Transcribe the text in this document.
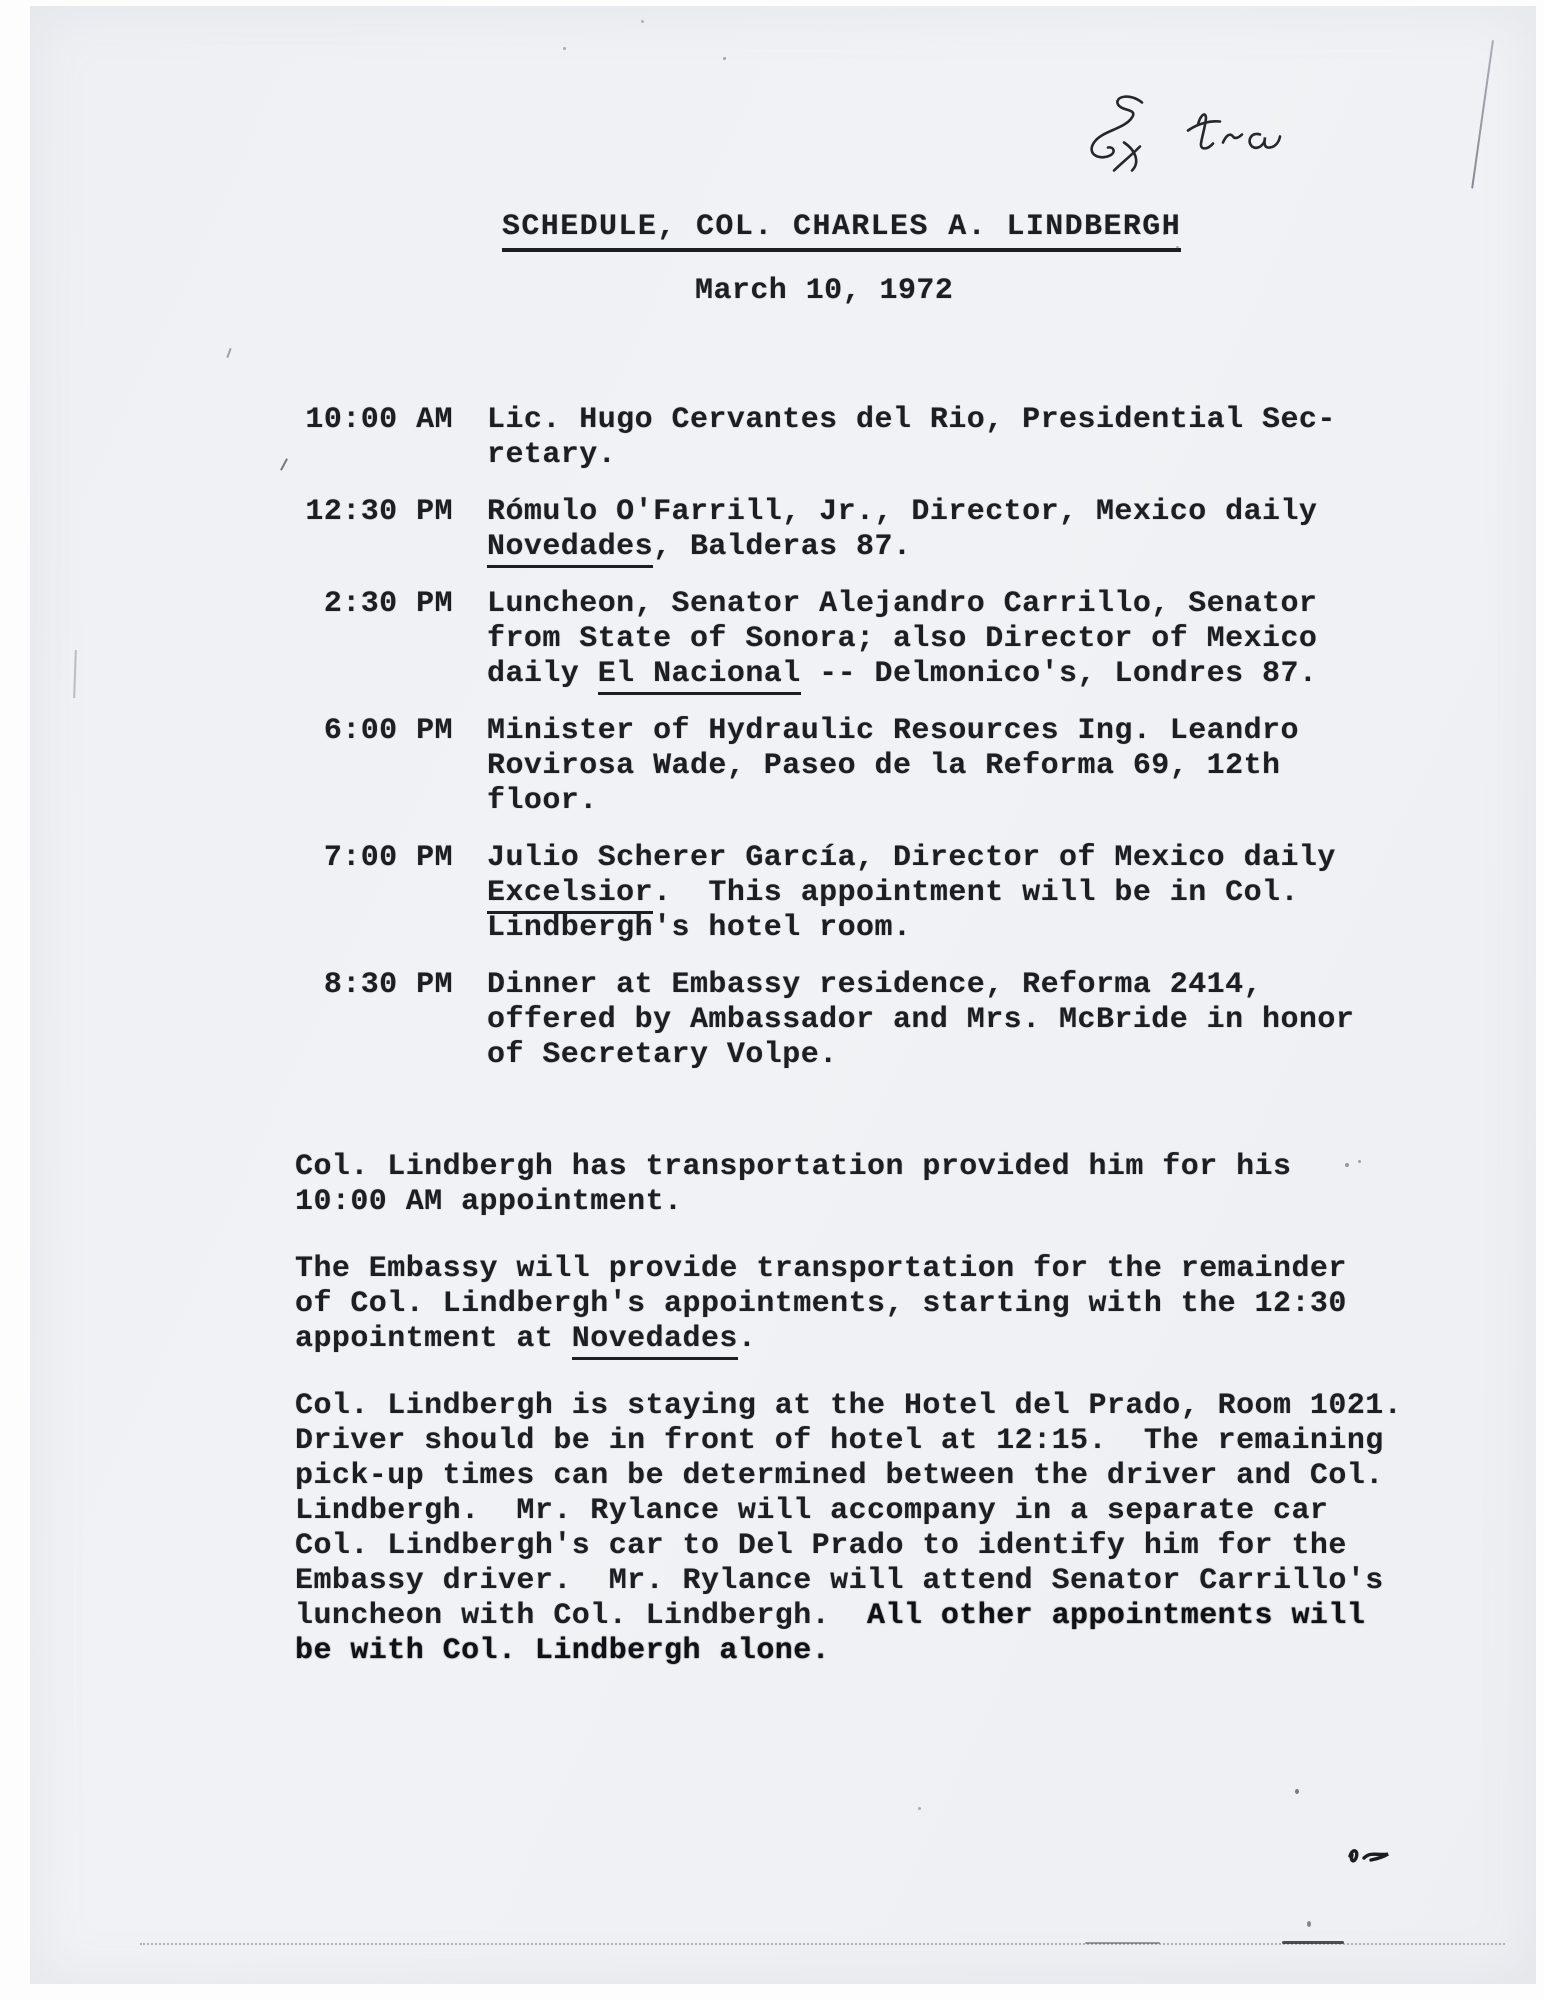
SCHEDULE, COL. CHARLES A. LINDBERGH
March 10, 1972
10:00 AM Lic. Hugo Cervantes del Rio, Presidential Sec-
retary.
12:30 PM Rómulo O'Farrill, Jr., Director, Mexico daily
Novedades, Balderas 87.
2:30 PM Luncheon, Senator Alejandro Carrillo, Senator
from State of Sonora; also Director of Mexico
daily El Nacional -- Delmonico's, Londres 87.
6:00 PM Minister of Hydraulic Resources Ing. Leandro
Rovirosa Wade, Paseo de la Reforma 69, 12th
floor.
7:00 PM Julio Scherer García, Director of Mexico daily
Excelsior.  This appointment will be in Col.
Lindbergh's hotel room.
8:30 PM Dinner at Embassy residence, Reforma 2414,
offered by Ambassador and Mrs. McBride in honor
of Secretary Volpe.
Col. Lindbergh has transportation provided him for his
10:00 AM appointment.
The Embassy will provide transportation for the remainder
of Col. Lindbergh's appointments, starting with the 12:30
appointment at Novedades.
Col. Lindbergh is staying at the Hotel del Prado, Room 1021.
Driver should be in front of hotel at 12:15.  The remaining
pick-up times can be determined between the driver and Col.
Lindbergh.  Mr. Rylance will accompany in a separate car
Col. Lindbergh's car to Del Prado to identify him for the
Embassy driver.  Mr. Rylance will attend Senator Carrillo's
luncheon with Col. Lindbergh.  All other appointments will
be with Col. Lindbergh alone.
